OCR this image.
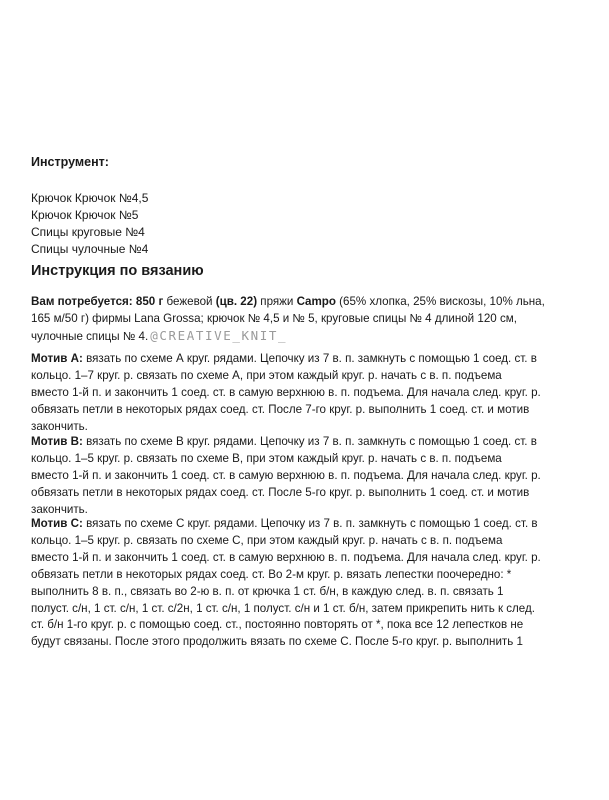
Инструмент:
Крючок Крючок №4,5
Крючок Крючок №5
Спицы круговые №4
Спицы чулочные №4
Инструкция по вязанию

Вам потребуется: 850 г бежевой (цв. 22) пряжи Campo (65% хлопка, 25% вискозы, 10% льна,
165 м/50 г) фирмы Lana Grossa; крючок № 4,5 и № 5, круговые спицы № 4 длиной 120 см,
чулочные спицы № 4. @CREATIVE_KNIT_

Мотив А: вязать по схеме А круг. рядами. Цепочку из 7 в. п. замкнуть с помощью 1 соед. ст. в
кольцо. 1–7 круг. р. связать по схеме А, при этом каждый круг. р. начать с в. п. подъема
вместо 1-й п. и закончить 1 соед. ст. в самую верхнюю в. п. подъема. Для начала след. круг. р.
обвязать петли в некоторых рядах соед. ст. После 7-го круг. р. выполнить 1 соед. ст. и мотив
закончить.

Мотив В: вязать по схеме В круг. рядами. Цепочку из 7 в. п. замкнуть с помощью 1 соед. ст. в
кольцо. 1–5 круг. р. связать по схеме В, при этом каждый круг. р. начать с в. п. подъема
вместо 1-й п. и закончить 1 соед. ст. в самую верхнюю в. п. подъема. Для начала след. круг. р.
обвязать петли в некоторых рядах соед. ст. После 5-го круг. р. выполнить 1 соед. ст. и мотив
закончить.

Мотив С: вязать по схеме С круг. рядами. Цепочку из 7 в. п. замкнуть с помощью 1 соед. ст. в
кольцо. 1–5 круг. р. связать по схеме С, при этом каждый круг. р. начать с в. п. подъема
вместо 1-й п. и закончить 1 соед. ст. в самую верхнюю в. п. подъема. Для начала след. круг. р.
обвязать петли в некоторых рядах соед. ст. Во 2-м круг. р. вязать лепестки поочередно: *
выполнить 8 в. п., связать во 2-ю в. п. от крючка 1 ст. б/н, в каждую след. в. п. связать 1
полуст. с/н, 1 ст. с/н, 1 ст. с/2н, 1 ст. с/н, 1 полуст. с/н и 1 ст. б/н, затем прикрепить нить к след.
ст. б/н 1-го круг. р. с помощью соед. ст., постоянно повторять от *, пока все 12 лепестков не
будут связаны. После этого продолжить вязать по схеме С. После 5-го круг. р. выполнить 1
